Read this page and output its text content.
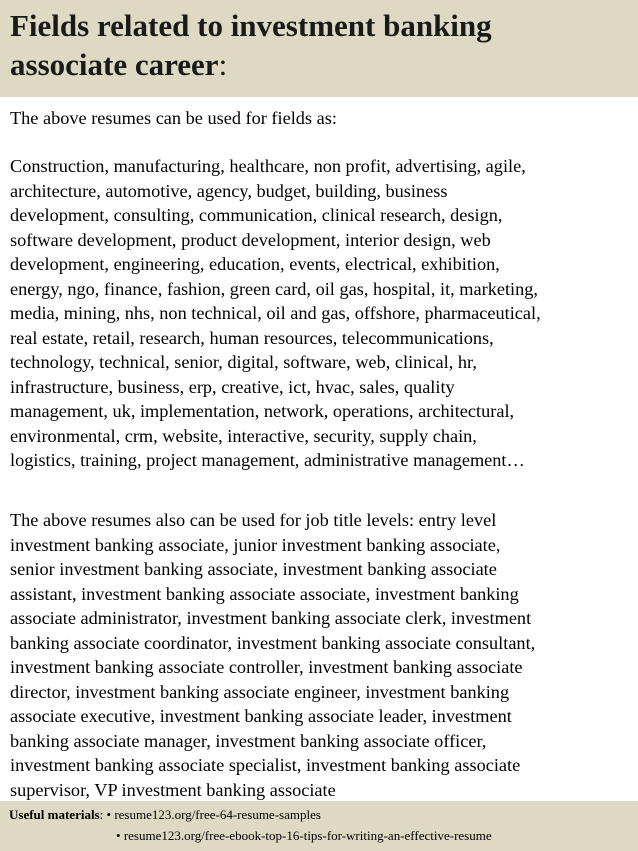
Fields related to investment banking
associate career:

The above resumes can be used for fields as:

Construction, manufacturing, healthcare, non profit, advertising, agile,
architecture, automotive, agency, budget, building, business
development, consulting, communication, clinical research, design,
software development, product development, interior design, web
development, engineering, education, events, electrical, exhibition,
energy, ngo, finance, fashion, green card, oil gas, hospital, it, marketing,
media, mining, nhs, non technical, oil and gas, offshore, pharmaceutical,
real estate, retail, research, human resources, telecommunications,
technology, technical, senior, digital, software, web, clinical, hr,
infrastructure, business, erp, creative, ict, hvac, sales, quality
management, uk, implementation, network, operations, architectural,
environmental, crm, website, interactive, security, supply chain,
logistics, training, project management, administrative management…

The above resumes also can be used for job title levels: entry level
investment banking associate, junior investment banking associate,
senior investment banking associate, investment banking associate
assistant, investment banking associate associate, investment banking
associate administrator, investment banking associate clerk, investment
banking associate coordinator, investment banking associate consultant,
investment banking associate controller, investment banking associate
director, investment banking associate engineer, investment banking
associate executive, investment banking associate leader, investment
banking associate manager, investment banking associate officer,
investment banking associate specialist, investment banking associate
supervisor, VP investment banking associate

Useful materials: • resume123.org/free-64-resume-samples
• resume123.org/free-ebook-top-16-tips-for-writing-an-effective-resume
